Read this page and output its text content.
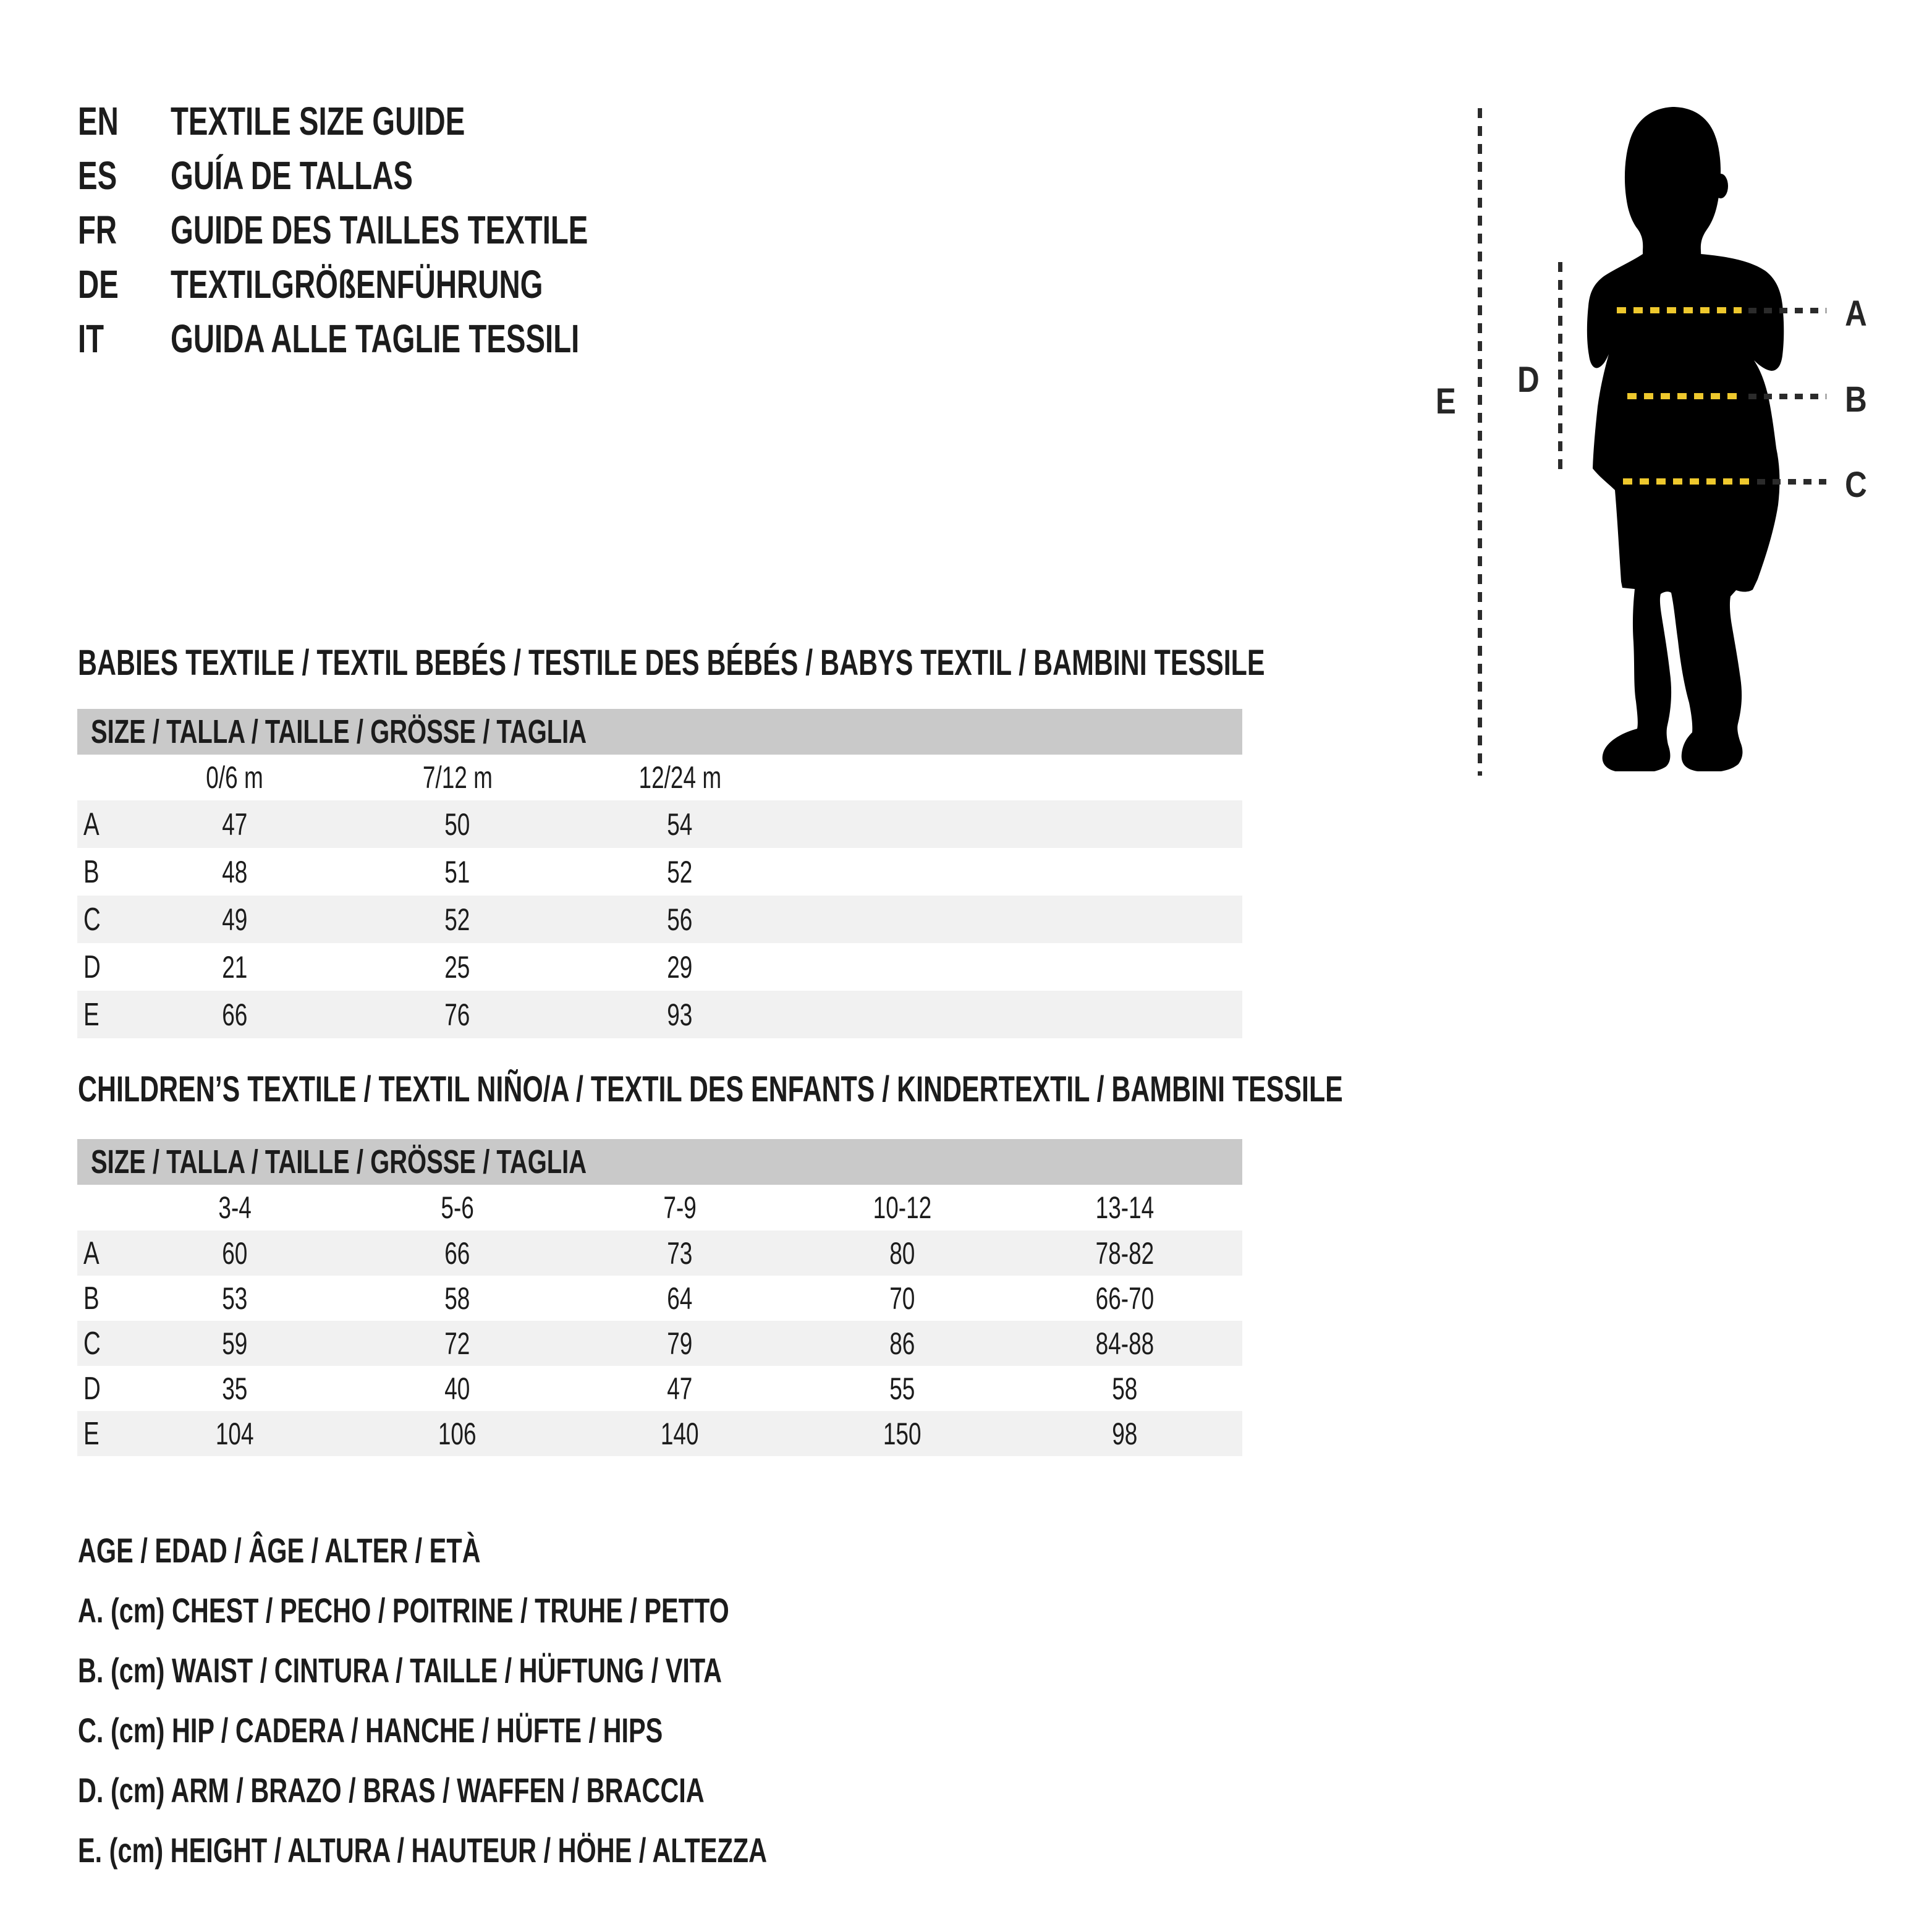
EN	TEXTILE SIZE GUIDE
ES	GUÍA DE TALLAS
FR	GUIDE DES TAILLES TEXTILE
DE	TEXTILGRÖßENFÜHRUNG
IT GUIDA ALLE TAGLIE TESSILI
A
B
C
D
E
BABIES TEXTILE / TEXTIL BEBÉS / TESTILE DES BÉBÉS / BABYS TEXTIL / BAMBINI TESSILE
SIZE / TALLA / TAILLE / GRÖSSE / TAGLIA
0/6 m	7/12 m	12/24 m
A	47	50	54
B	48	51	52
C	49	52	56
D	21	25	29
E	66	76	93
CHILDREN’S TEXTILE / TEXTIL NIÑO/A / TEXTIL DES ENFANTS / KINDERTEXTIL / BAMBINI TESSILE
SIZE / TALLA / TAILLE / GRÖSSE / TAGLIA
3-4	5-6	7-9	10-12	13-14
A	60	66	73	80	78-82
B	53	58	64	70	66-70
C	59	72	79	86	84-88
D	35	40	47	55	58
E	104	106	140	150	98
AGE / EDAD / ÂGE / ALTER / ETÀ
A. (cm) CHEST / PECHO / POITRINE / TRUHE / PETTO
B. (cm) WAIST / CINTURA / TAILLE / HÜFTUNG / VITA
C. (cm) HIP / CADERA / HANCHE / HÜFTE / HIPS
D. (cm) ARM / BRAZO / BRAS / WAFFEN / BRACCIA
E. (cm) HEIGHT / ALTURA / HAUTEUR / HÖHE / ALTEZZA
